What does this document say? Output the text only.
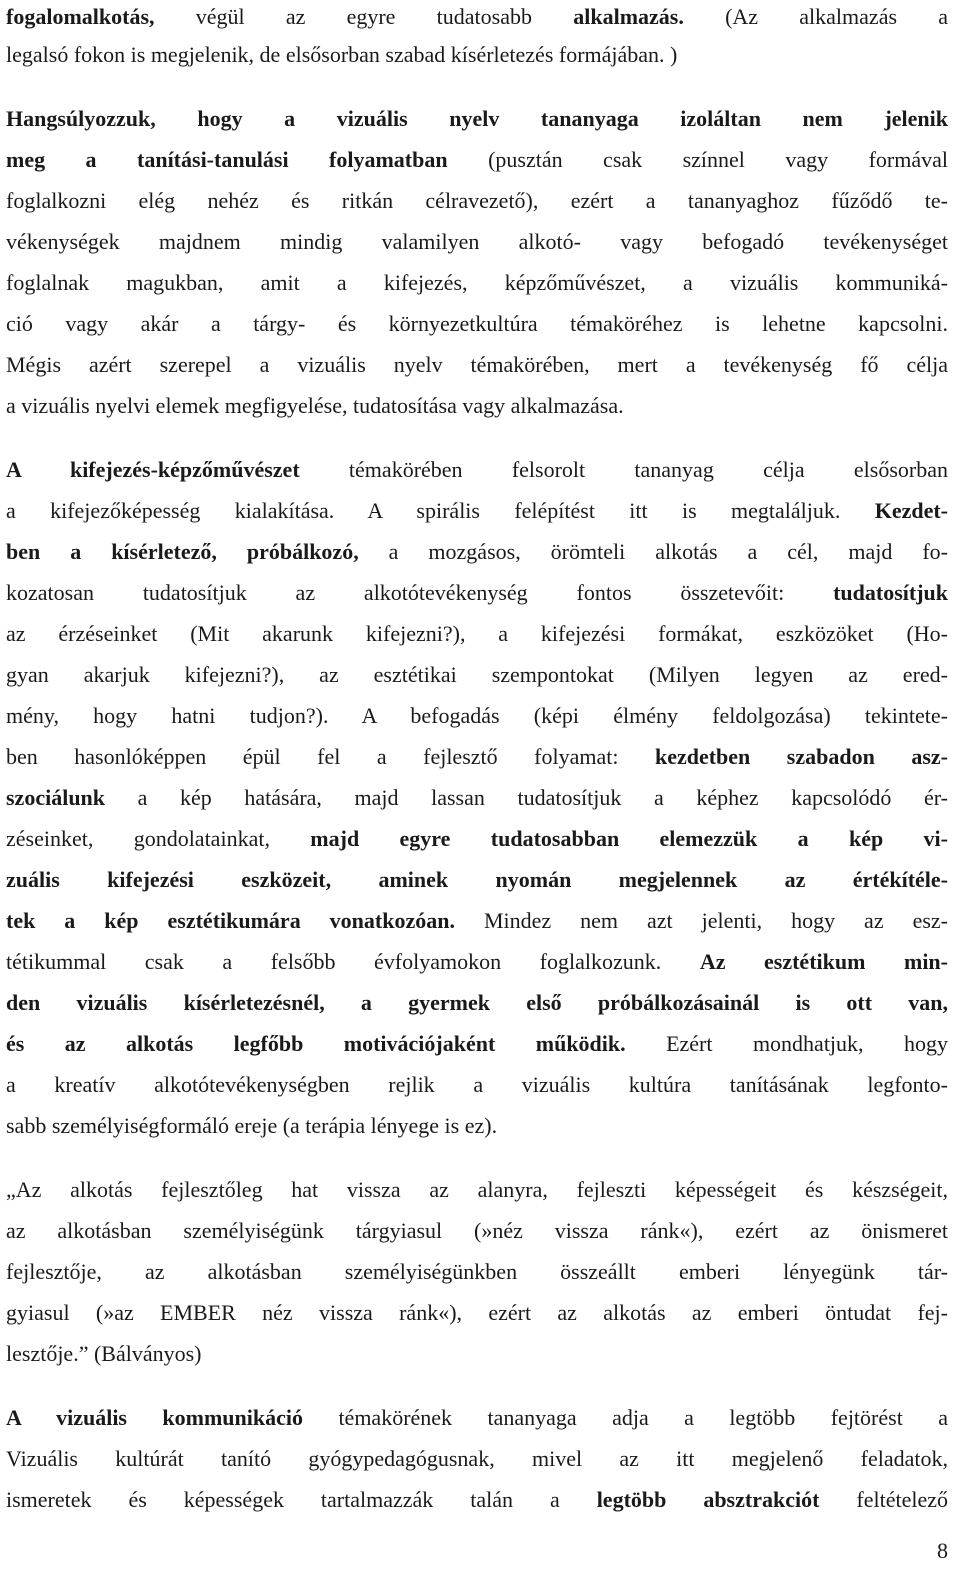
fogalomalkotás, végül az egyre tudatosabb alkalmazás. (Az alkalmazás a
legalsó fokon is megjelenik, de elsősorban szabad kísérletezés formájában. )
Hangsúlyozzuk, hogy a vizuális nyelv tananyaga izoláltan nem jelenik
meg a tanítási-tanulási folyamatban (pusztán csak színnel vagy formával
foglalkozni elég nehéz és ritkán célravezető), ezért a tananyaghoz fűződő te-
vékenységek majdnem mindig valamilyen alkotó- vagy befogadó tevékenységet
foglalnak magukban, amit a kifejezés, képzőművészet, a vizuális kommuniká-
ció vagy akár a tárgy- és környezetkultúra témaköréhez is lehetne kapcsolni.
Mégis azért szerepel a vizuális nyelv témakörében, mert a tevékenység fő célja
a vizuális nyelvi elemek megfigyelése, tudatosítása vagy alkalmazása.
A kifejezés-képzőművészet témakörében felsorolt tananyag célja elsősorban
a kifejezőképesség kialakítása. A spirális felépítést itt is megtaláljuk. Kezdet-
ben a kísérletező, próbálkozó, a mozgásos, örömteli alkotás a cél, majd fo-
kozatosan tudatosítjuk az alkotótevékenység fontos összetevőit: tudatosítjuk
az érzéseinket (Mit akarunk kifejezni?), a kifejezési formákat, eszközöket (Ho-
gyan akarjuk kifejezni?), az esztétikai szempontokat (Milyen legyen az ered-
mény, hogy hatni tudjon?). A befogadás (képi élmény feldolgozása) tekintete-
ben hasonlóképpen épül fel a fejlesztő folyamat: kezdetben szabadon asz-
szociálunk a kép hatására, majd lassan tudatosítjuk a képhez kapcsolódó ér-
zéseinket, gondolatainkat, majd egyre tudatosabban elemezzük a kép vi-
zuális kifejezési eszközeit, aminek nyomán megjelennek az értékítéle-
tek a kép esztétikumára vonatkozóan. Mindez nem azt jelenti, hogy az esz-
tétikummal csak a felsőbb évfolyamokon foglalkozunk. Az esztétikum min-
den vizuális kísérletezésnél, a gyermek első próbálkozásainál is ott van,
és az alkotás legfőbb motivációjaként működik. Ezért mondhatjuk, hogy
a kreatív alkotótevékenységben rejlik a vizuális kultúra tanításának legfonto-
sabb személyiségformáló ereje (a terápia lényege is ez).
„Az alkotás fejlesztőleg hat vissza az alanyra, fejleszti képességeit és készségeit,
az alkotásban személyiségünk tárgyiasul (»néz vissza ránk«), ezért az önismeret
fejlesztője, az alkotásban személyiségünkben összeállt emberi lényegünk tár-
gyiasul (»az EMBER néz vissza ránk«), ezért az alkotás az emberi öntudat fej-
lesztője.” (Bálványos)
A vizuális kommunikáció témakörének tananyaga adja a legtöbb fejtörést a
Vizuális kultúrát tanító gyógypedagógusnak, mivel az itt megjelenő feladatok,
ismeretek és képességek tartalmazzák talán a legtöbb absztrakciót feltételező
8
